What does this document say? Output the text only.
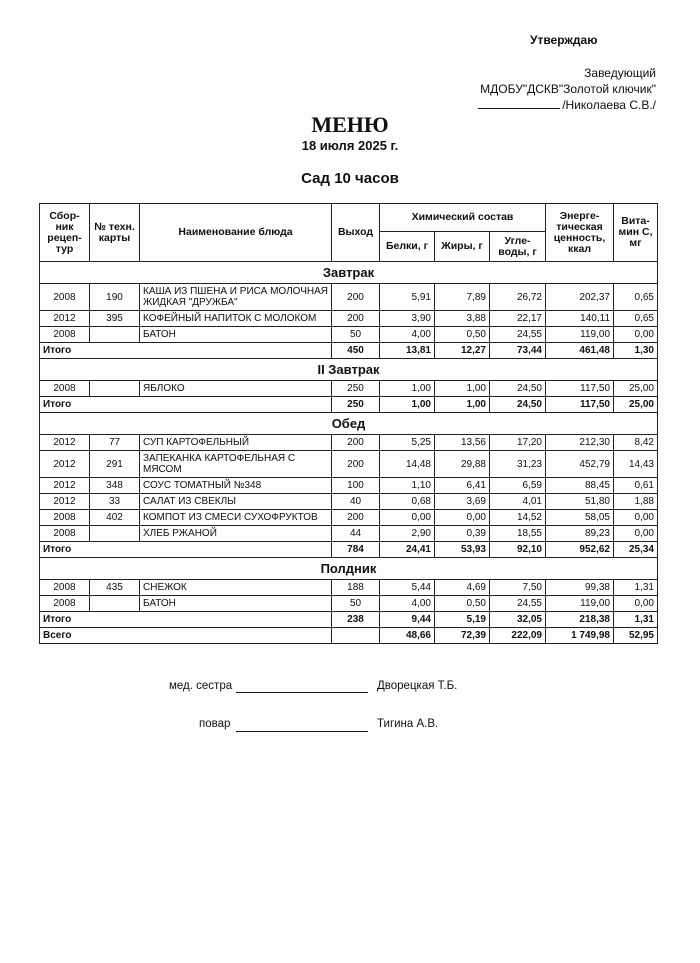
Утверждаю
Заведующий
МДОБУ"ДСКВ"Золотой ключик"
/Николаева С.В./
МЕНЮ
18 июля 2025 г.
Сад 10 часов
Сбор-ник рецеп-тур	№ техн. карты	Наименование блюда	Выход	Химический состав			Энерге-тическая ценность, ккал	Вита-мин С, мг
				Белки, г	Жиры, г	Угле-воды, г		
Завтрак								
2008	190	КАША ИЗ ПШЕНА И РИСА МОЛОЧНАЯ ЖИДКАЯ "ДРУЖБА"	200	5,91	7,89	26,72	202,37	0,65
2012	395	КОФЕЙНЫЙ НАПИТОК С МОЛОКОМ	200	3,90	3,88	22,17	140,11	0,65
2008		БАТОН	50	4,00	0,50	24,55	119,00	0,00
Итого			450	13,81	12,27	73,44	461,48	1,30
II Завтрак								
2008		ЯБЛОКО	250	1,00	1,00	24,50	117,50	25,00
Итого			250	1,00	1,00	24,50	117,50	25,00
Обед								
2012	77	СУП КАРТОФЕЛЬНЫЙ	200	5,25	13,56	17,20	212,30	8,42
2012	291	ЗАПЕКАНКА КАРТОФЕЛЬНАЯ С МЯСОМ	200	14,48	29,88	31,23	452,79	14,43
2012	348	СОУС ТОМАТНЫЙ №348	100	1,10	6,41	6,59	88,45	0,61
2012	33	САЛАТ ИЗ СВЕКЛЫ	40	0,68	3,69	4,01	51,80	1,88
2008	402	КОМПОТ ИЗ СМЕСИ СУХОФРУКТОВ	200	0,00	0,00	14,52	58,05	0,00
2008		ХЛЕБ РЖАНОЙ	44	2,90	0,39	18,55	89,23	0,00
Итого			784	24,41	53,93	92,10	952,62	25,34
Полдник								
2008	435	СНЕЖОК	188	5,44	4,69	7,50	99,38	1,31
2008		БАТОН	50	4,00	0,50	24,55	119,00	0,00
Итого			238	9,44	5,19	32,05	218,38	1,31
Всего				48,66	72,39	222,09	1 749,98	52,95
мед. сестра	Дворецкая Т.Б.
повар	Тигина А.В.
